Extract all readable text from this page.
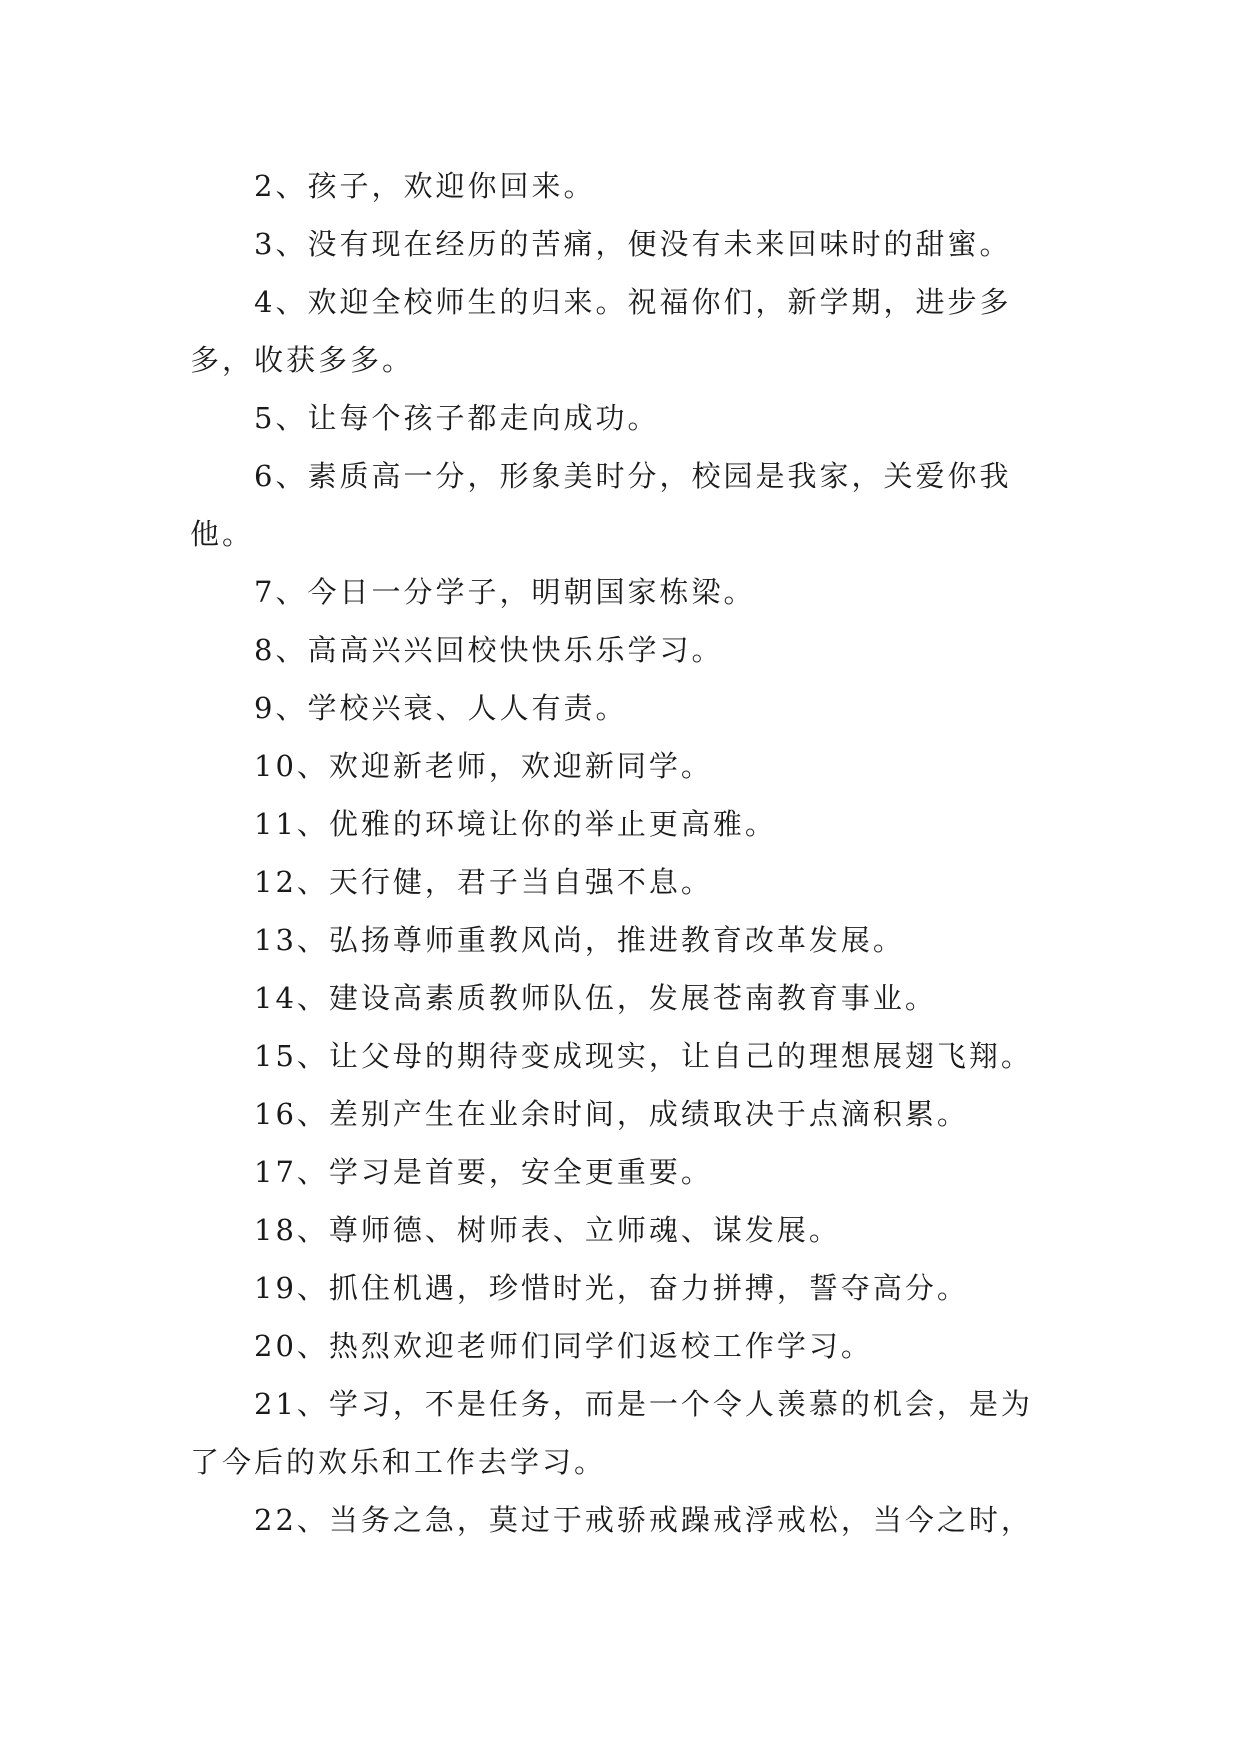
2、孩子，欢迎你回来。
3、没有现在经历的苦痛，便没有未来回味时的甜蜜。
4、欢迎全校师生的归来。祝福你们，新学期，进步多
多，收获多多。
5、让每个孩子都走向成功。
6、素质高一分，形象美时分，校园是我家，关爱你我
他。
7、今日一分学子，明朝国家栋梁。
8、高高兴兴回校快快乐乐学习。
9、学校兴衰、人人有责。
10、欢迎新老师，欢迎新同学。
11、优雅的环境让你的举止更高雅。
12、天行健，君子当自强不息。
13、弘扬尊师重教风尚，推进教育改革发展。
14、建设高素质教师队伍，发展苍南教育事业。
15、让父母的期待变成现实，让自己的理想展翅飞翔。
16、差别产生在业余时间，成绩取决于点滴积累。
17、学习是首要，安全更重要。
18、尊师德、树师表、立师魂、谋发展。
19、抓住机遇，珍惜时光，奋力拼搏，誓夺高分。
20、热烈欢迎老师们同学们返校工作学习。
21、学习，不是任务，而是一个令人羡慕的机会，是为
了今后的欢乐和工作去学习。
22、当务之急，莫过于戒骄戒躁戒浮戒松，当今之时，
